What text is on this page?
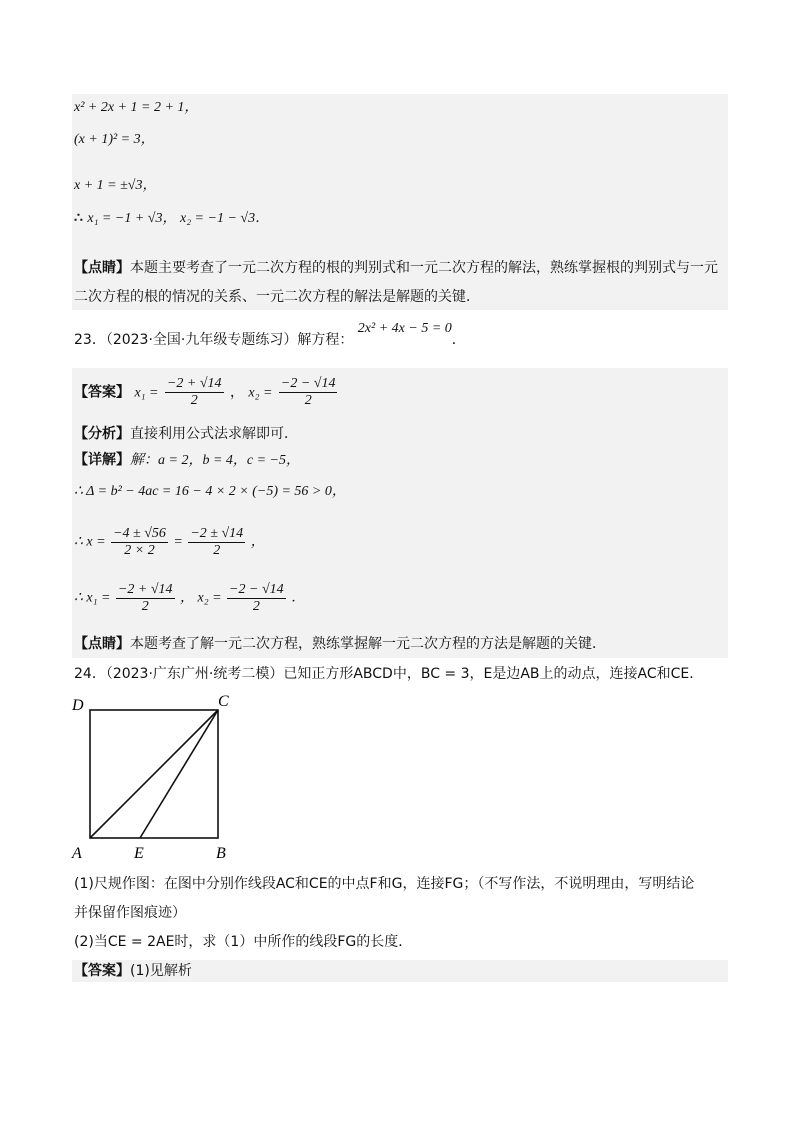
x² + 2x + 1 = 2 + 1，
(x + 1)² = 3，
x + 1 = ±√3，
∴ x₁ = −1 + √3， x₂ = −1 − √3．
【点睛】本题主要考查了一元二次方程的根的判别式和一元二次方程的解法，熟练掌握根的判别式与一元
二次方程的根的情况的关系、一元二次方程的解法是解题的关键．
23．（2023·全国·九年级专题练习）解方程： 2x² + 4x − 5 = 0．
【答案】 $x_1 = \frac{-2 + √14}{2}$ ， $x_2 = \frac{-2 - √14}{2}$
【分析】直接利用公式法求解即可．
【详解】解：a = 2，b = 4，c = −5，
∴ Δ = b² − 4ac = 16 − 4 × 2 × (−5) = 56 > 0，
∴ $x = \frac{-4 \pm √56}{2 \times 2} = \frac{-2 \pm √14}{2}$ ，
∴ $x_1 = \frac{-2 + √14}{2}$ ， $x_2 = \frac{-2 - √14}{2}$ ．
【点睛】本题考查了解一元二次方程，熟练掌握解一元二次方程的方法是解题的关键．
24．（2023·广东广州·统考二模）已知正方形ABCD中，BC = 3，E是边AB上的动点，连接AC和CE．
D	C
A	E	B
(1)尺规作图：在图中分别作线段AC和CE的中点F和G，连接FG；（不写作法，不说明理由，写明结论
并保留作图痕迹）
(2)当CE = 2AE时，求（1）中所作的线段FG的长度．
【答案】(1)见解析
